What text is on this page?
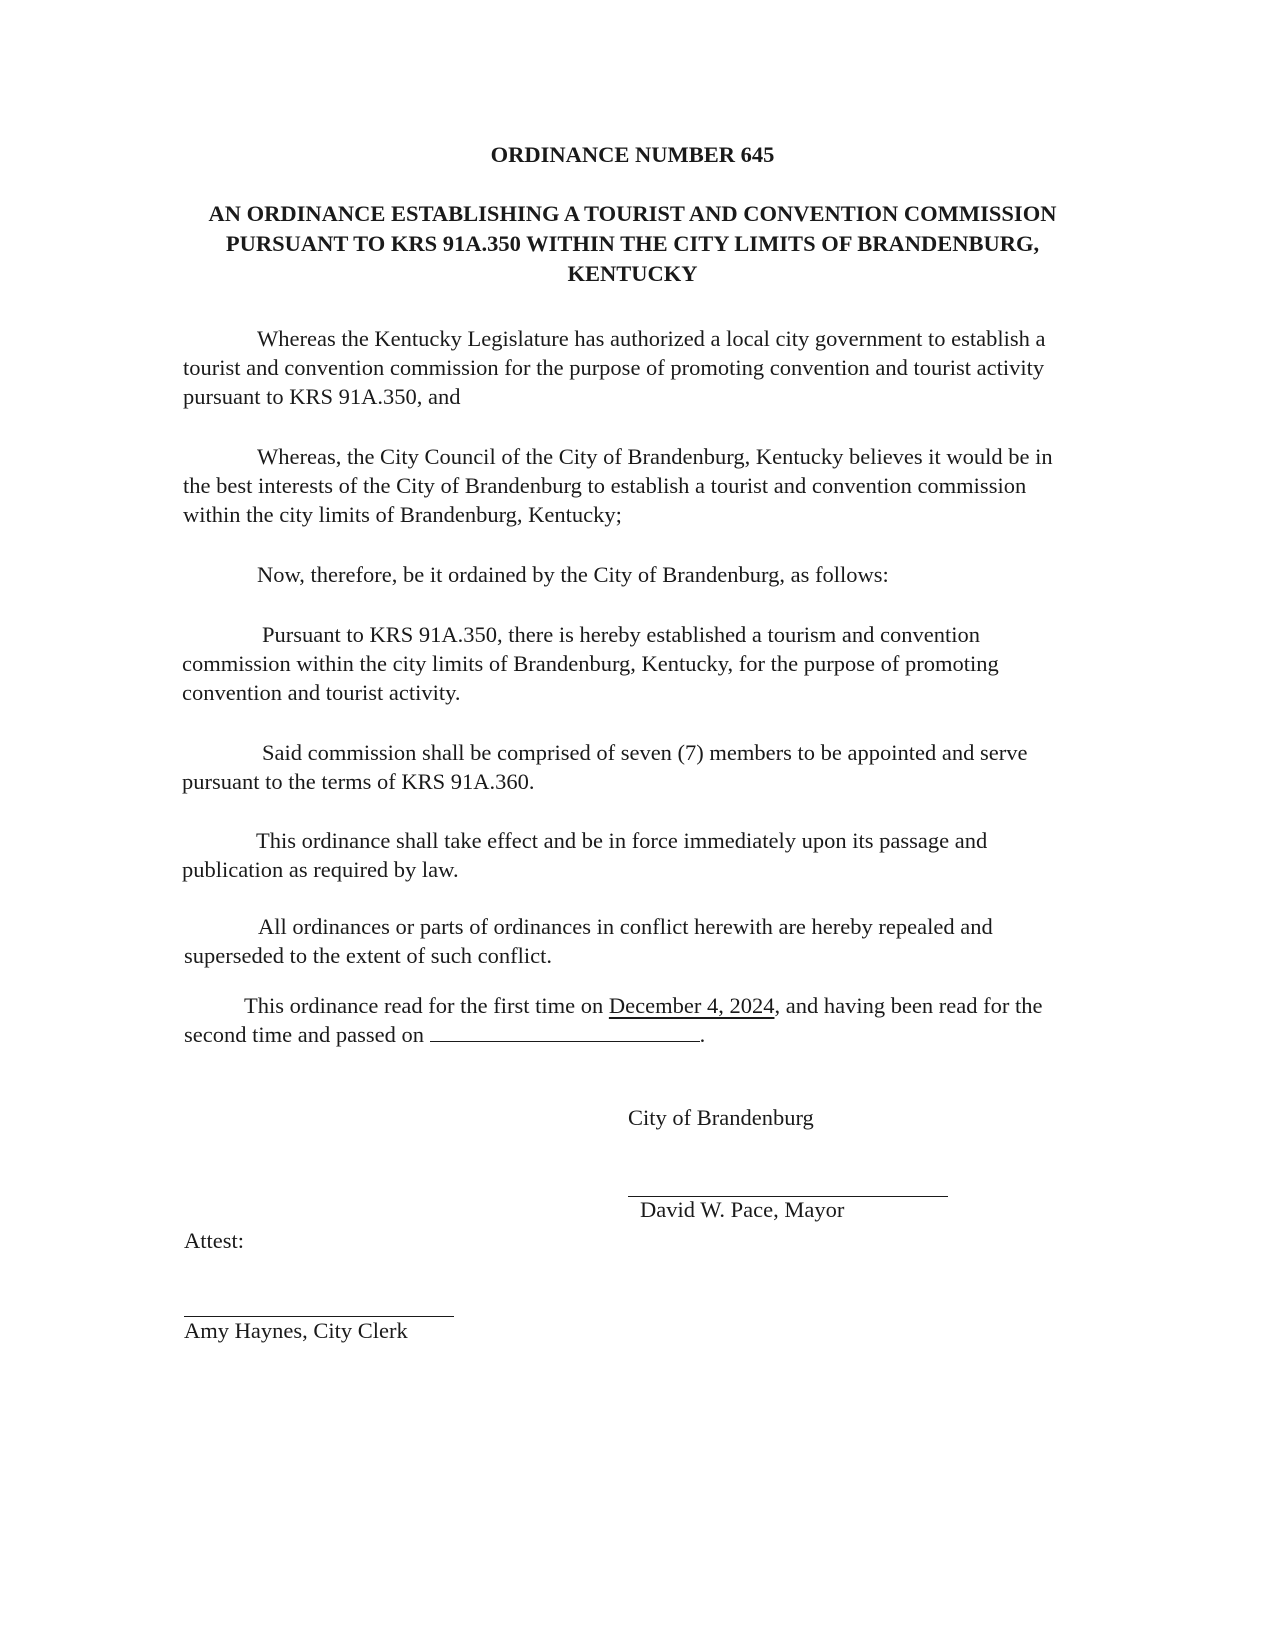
ORDINANCE NUMBER 645

AN ORDINANCE ESTABLISHING A TOURIST AND CONVENTION COMMISSION PURSUANT TO KRS 91A.350 WITHIN THE CITY LIMITS OF BRANDENBURG, KENTUCKY

Whereas the Kentucky Legislature has authorized a local city government to establish a tourist and convention commission for the purpose of promoting convention and tourist activity pursuant to KRS 91A.350, and

Whereas, the City Council of the City of Brandenburg, Kentucky believes it would be in the best interests of the City of Brandenburg to establish a tourist and convention commission within the city limits of Brandenburg, Kentucky;

Now, therefore, be it ordained by the City of Brandenburg, as follows:

Pursuant to KRS 91A.350, there is hereby established a tourism and convention commission within the city limits of Brandenburg, Kentucky, for the purpose of promoting convention and tourist activity.

Said commission shall be comprised of seven (7) members to be appointed and serve pursuant to the terms of KRS 91A.360.

This ordinance shall take effect and be in force immediately upon its passage and publication as required by law.

All ordinances or parts of ordinances in conflict herewith are hereby repealed and superseded to the extent of such conflict.

This ordinance read for the first time on December 4, 2024, and having been read for the second time and passed on	.

City of Brandenburg

David W. Pace, Mayor

Attest:

Amy Haynes, City Clerk
